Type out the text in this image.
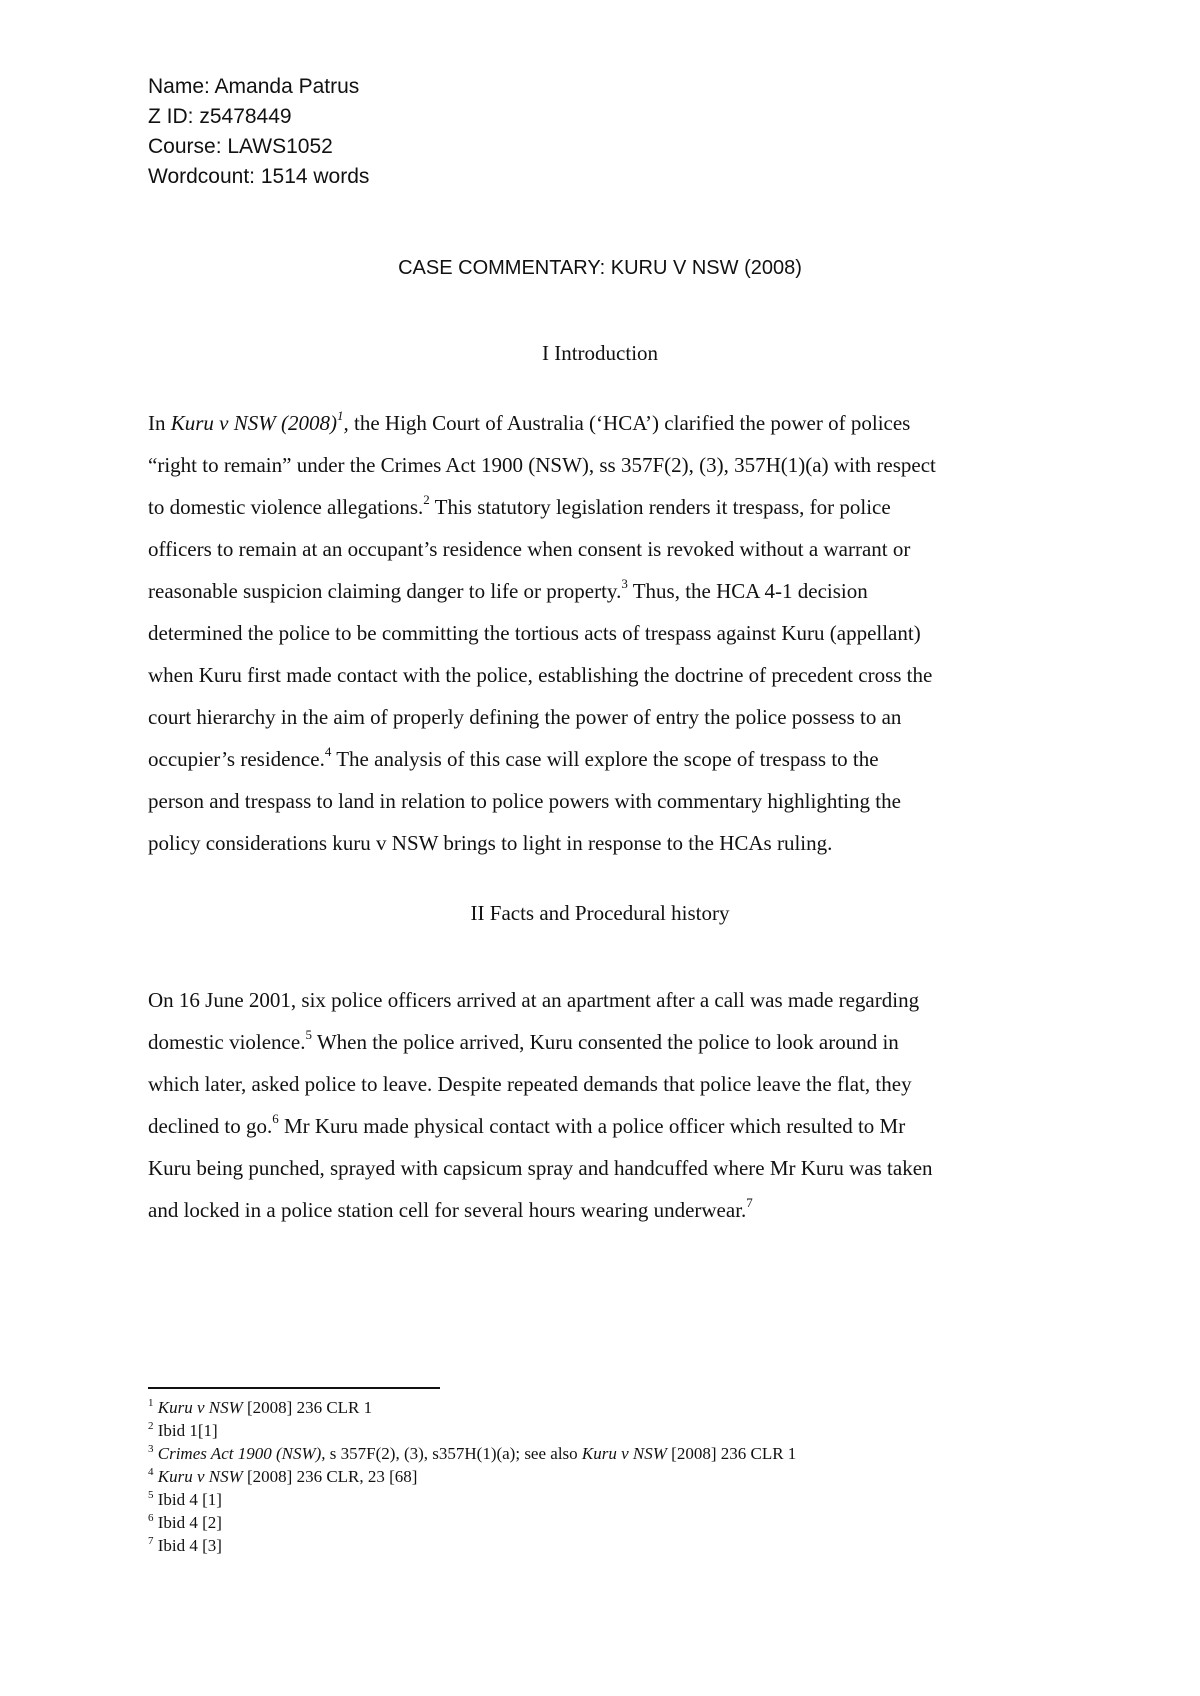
Name: Amanda Patrus
Z ID: z5478449
Course: LAWS1052
Wordcount: 1514 words
CASE COMMENTARY: KURU V NSW (2008)
I Introduction
In Kuru v NSW $(2008)^1$, the High Court of Australia (‘HCA’) clarified the power of polices
“right to remain” under the Crimes Act 1900 (NSW), ss 357F(2), (3), 357H(1)(a) with respect
to domestic violence allegations.$^2$ This statutory legislation renders it trespass, for police
officers to remain at an occupant’s residence when consent is revoked without a warrant or
reasonable suspicion claiming danger to life or property.$^3$ Thus, the HCA 4-1 decision
determined the police to be committing the tortious acts of trespass against Kuru (appellant)
when Kuru first made contact with the police, establishing the doctrine of precedent cross the
court hierarchy in the aim of properly defining the power of entry the police possess to an
occupier’s residence.$^4$ The analysis of this case will explore the scope of trespass to the
person and trespass to land in relation to police powers with commentary highlighting the
policy considerations kuru v NSW brings to light in response to the HCAs ruling.
II Facts and Procedural history
On 16 June 2001, six police officers arrived at an apartment after a call was made regarding
domestic violence.$^5$ When the police arrived, Kuru consented the police to look around in
which later, asked police to leave. Despite repeated demands that police leave the flat, they
declined to go.$^6$ Mr Kuru made physical contact with a police officer which resulted to Mr
Kuru being punched, sprayed with capsicum spray and handcuffed where Mr Kuru was taken
and locked in a police station cell for several hours wearing underwear.$^7$
$^1$ Kuru v NSW [2008] 236 CLR 1
$^2$ Ibid 1[1]
$^3$ Crimes Act 1900 (NSW), s 357F(2), (3), s357H(1)(a); see also Kuru v NSW [2008] 236 CLR 1
$^4$ Kuru v NSW [2008] 236 CLR, 23 [68]
$^5$ Ibid 4 [1]
$^6$ Ibid 4 [2]
$^7$ Ibid 4 [3]
